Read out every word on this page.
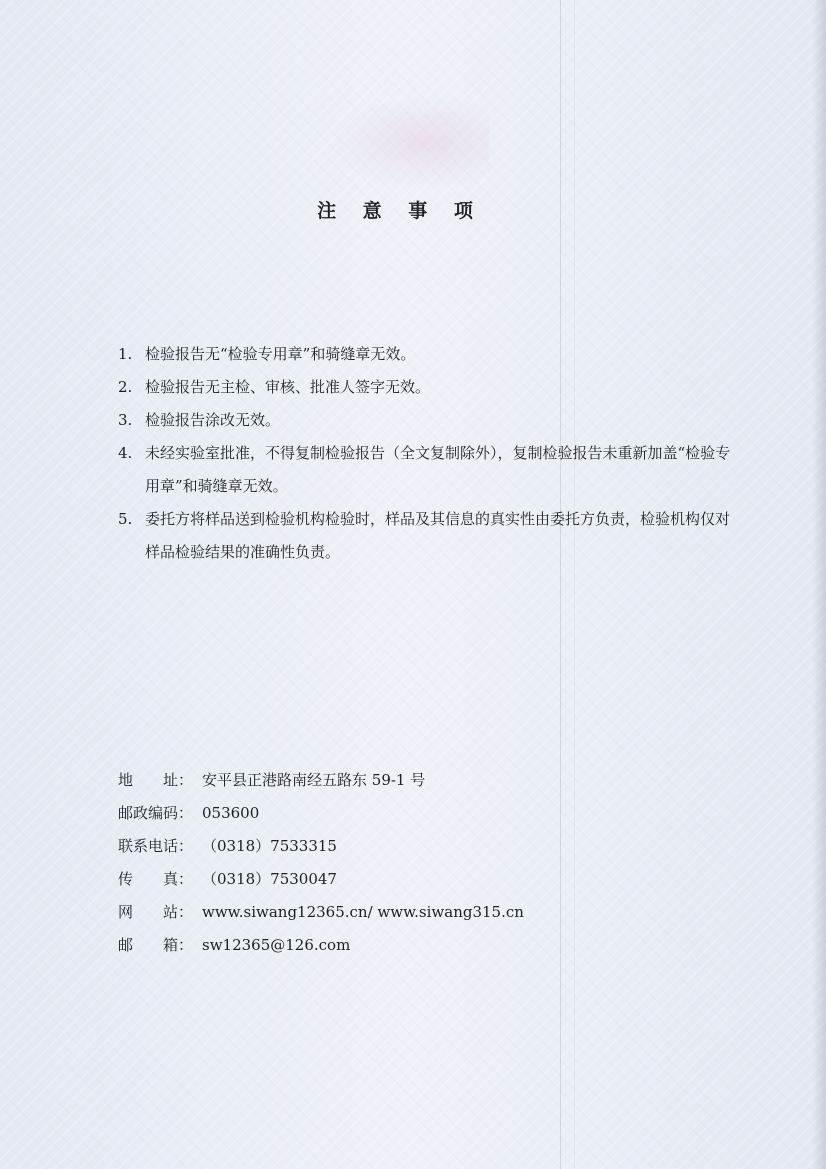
注 意 事 项
1. 检验报告无“检验专用章”和骑缝章无效。
2. 检验报告无主检、审核、批准人签字无效。
3. 检验报告涂改无效。
4. 未经实验室批准，不得复制检验报告（全文复制除外），复制检验报告未重新加盖“检验专用章”和骑缝章无效。
5. 委托方将样品送到检验机构检验时，样品及其信息的真实性由委托方负责，检验机构仅对样品检验结果的准确性负责。
地　　址： 安平县正港路南经五路东 59-1 号
邮政编码： 053600
联系电话： （0318）7533315
传　　真： （0318）7530047
网　　站： www.siwang12365.cn/ www.siwang315.cn
邮　　箱： sw12365@126.com
